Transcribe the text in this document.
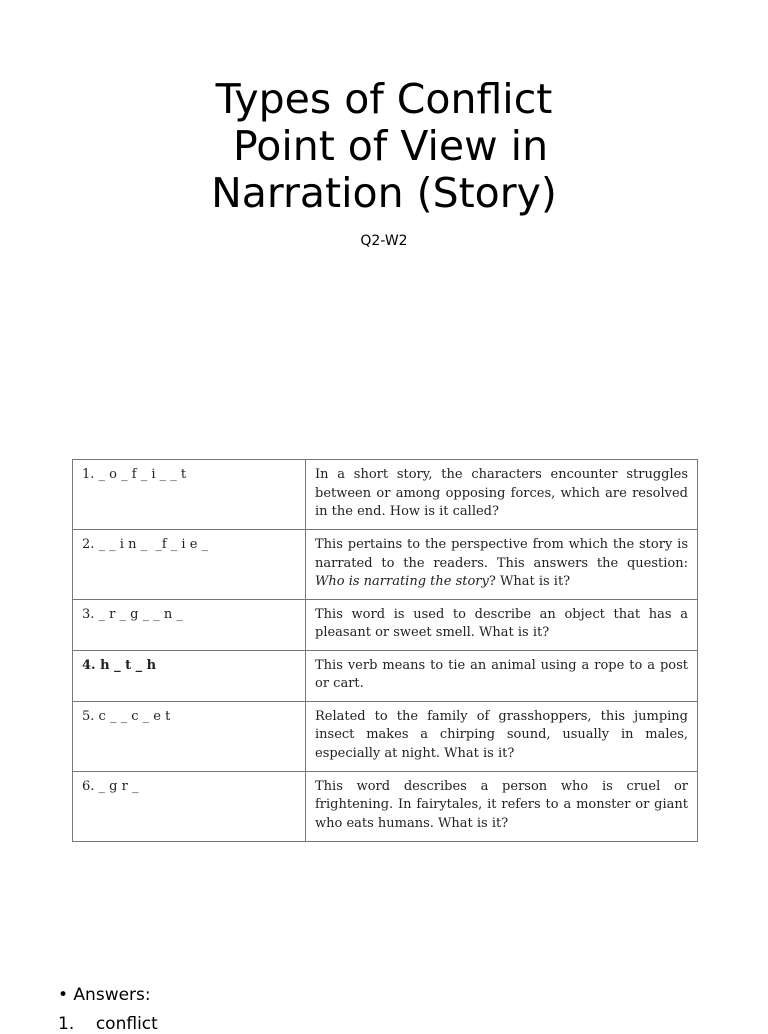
Types of Conflict
Point of View in
Narration (Story)
Q2-W2
1. _ o _ f _ i _ _ t	In a short story, the characters encounter struggles between or among opposing forces, which are resolved in the end. How is it called?
2. _ _ i n _  _f _ i e _	This pertains to the perspective from which the story is narrated to the readers. This answers the question: Who is narrating the story? What is it?
3. _ r _ g _ _ n _	This word is used to describe an object that has a pleasant or sweet smell. What is it?
4. h _ t _ h	This verb means to tie an animal using a rope to a post or cart.
5. c _ _ c _ e t	Related to the family of grasshoppers, this jumping insect makes a chirping sound, usually in males, especially at night. What is it?
6. _ g r _	This word describes a person who is cruel or frightening. In fairytales, it refers to a monster or giant who eats humans. What is it?
• Answers:
1.    conflict
